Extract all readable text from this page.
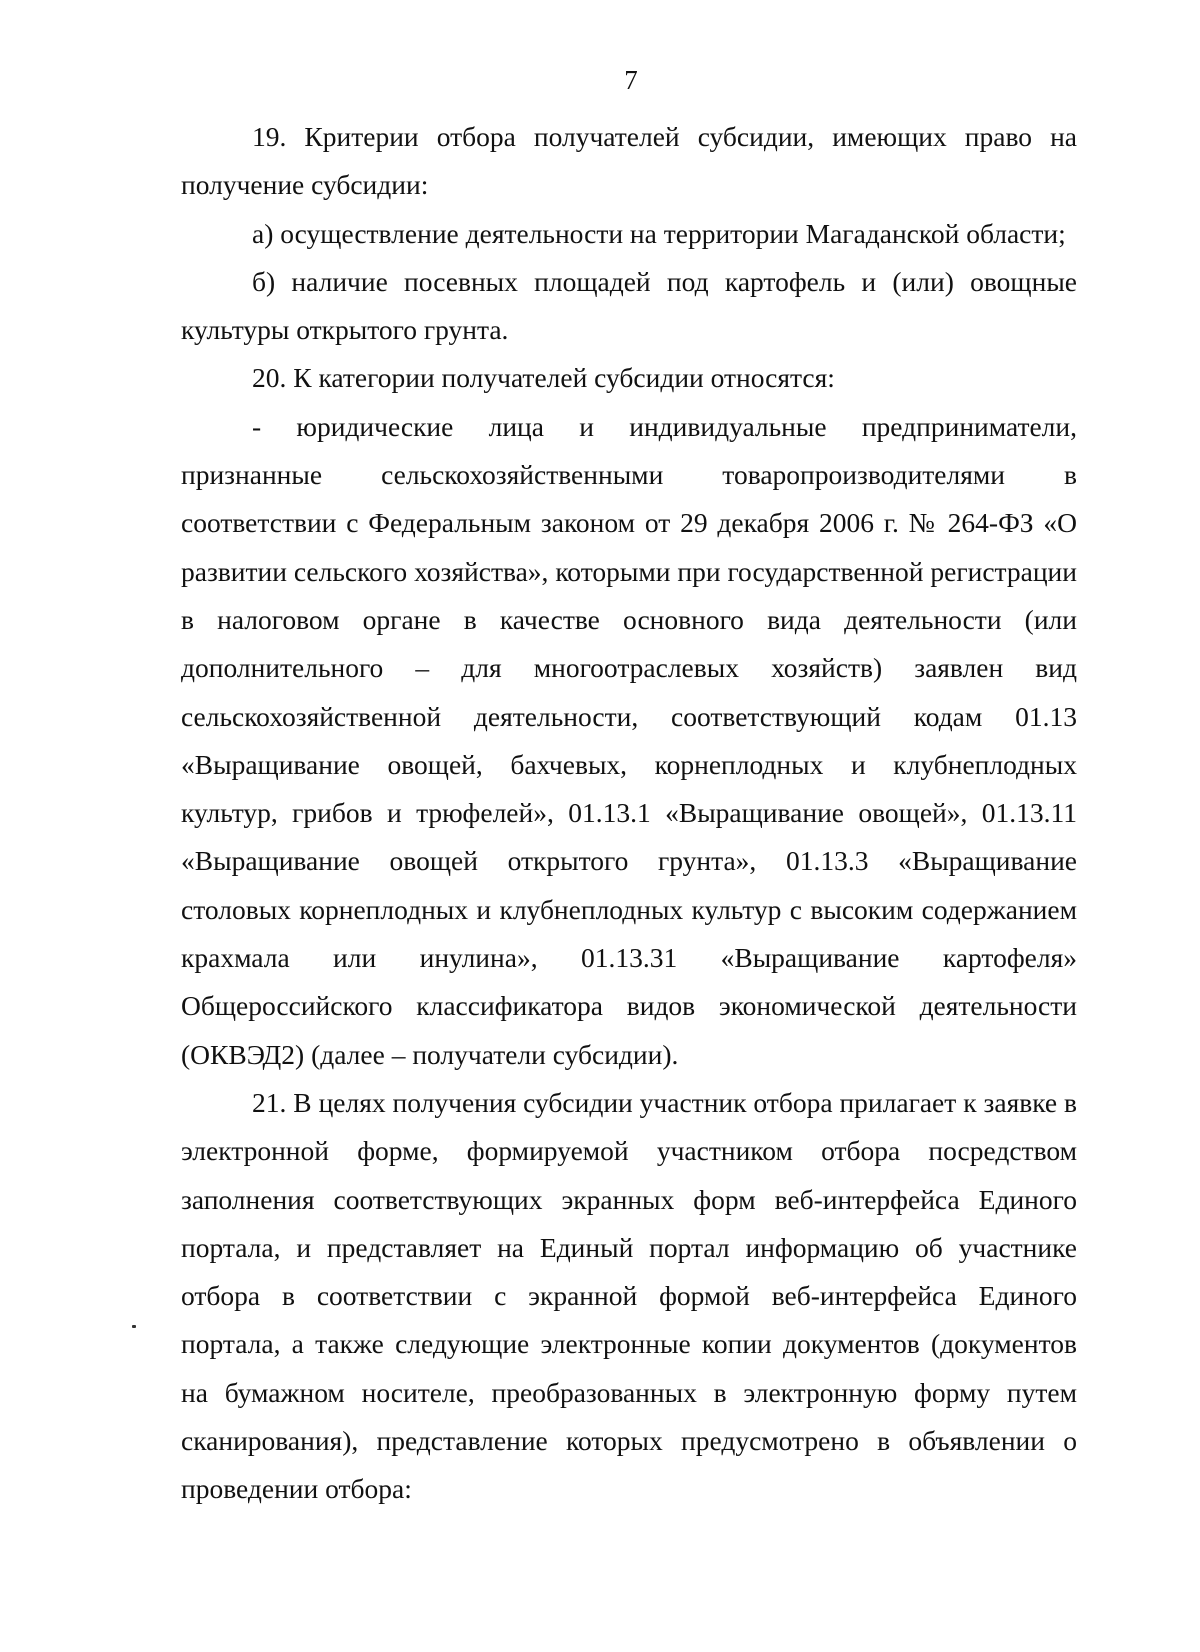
7

19. Критерии отбора получателей субсидии, имеющих право на получение субсидии:

а) осуществление деятельности на территории Магаданской области;

б) наличие посевных площадей под картофель и (или) овощные культуры открытого грунта.

20. К категории получателей субсидии относятся:

- юридические лица и индивидуальные предприниматели, признанные сельскохозяйственными товаропроизводителями в соответствии с Федеральным законом от 29 декабря 2006 г. № 264-ФЗ «О развитии сельского хозяйства», которыми при государственной регистрации в налоговом органе в качестве основного вида деятельности (или дополнительного – для многоотраслевых хозяйств) заявлен вид сельскохозяйственной деятельности, соответствующий кодам 01.13 «Выращивание овощей, бахчевых, корнеплодных и клубнеплодных культур, грибов и трюфелей», 01.13.1 «Выращивание овощей», 01.13.11 «Выращивание овощей открытого грунта», 01.13.3 «Выращивание столовых корнеплодных и клубнеплодных культур с высоким содержанием крахмала или инулина», 01.13.31 «Выращивание картофеля» Общероссийского классификатора видов экономической деятельности (ОКВЭД2) (далее – получатели субсидии).

21. В целях получения субсидии участник отбора прилагает к заявке в электронной форме, формируемой участником отбора посредством заполнения соответствующих экранных форм веб-интерфейса Единого портала, и представляет на Единый портал информацию об участнике отбора в соответствии с экранной формой веб-интерфейса Единого портала, а также следующие электронные копии документов (документов на бумажном носителе, преобразованных в электронную форму путем сканирования), представление которых предусмотрено в объявлении о проведении отбора:
